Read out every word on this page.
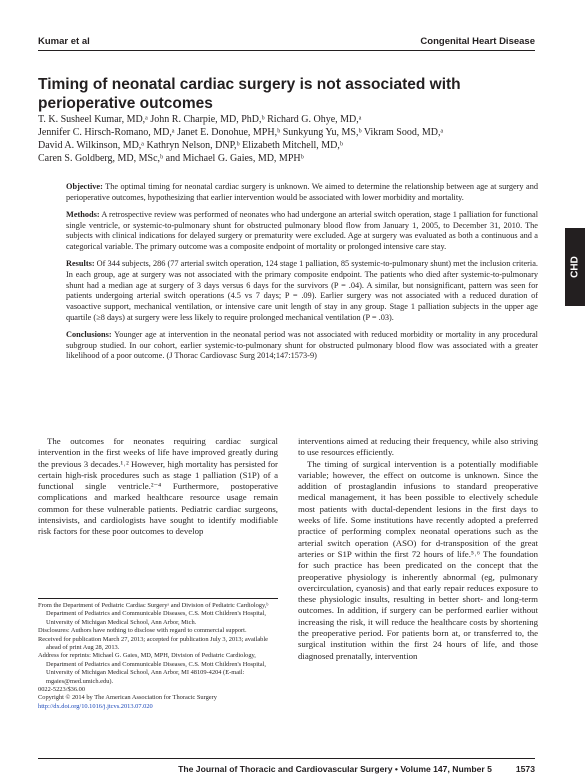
Kumar et al	Congenital Heart Disease
Timing of neonatal cardiac surgery is not associated with perioperative outcomes

T. K. Susheel Kumar, MD,ᵃ John R. Charpie, MD, PhD,ᵇ Richard G. Ohye, MD,ᵃ

Jennifer C. Hirsch-Romano, MD,ᵃ Janet E. Donohue, MPH,ᵇ Sunkyung Yu, MS,ᵇ Vikram Sood, MD,ᵃ

David A. Wilkinson, MD,ᵃ Kathryn Nelson, DNP,ᵇ Elizabeth Mitchell, MD,ᵇ

Caren S. Goldberg, MD, MSc,ᵇ and Michael G. Gaies, MD, MPHᵇ

Objective: The optimal timing for neonatal cardiac surgery is unknown. We aimed to determine the relationship between age at surgery and perioperative outcomes, hypothesizing that earlier intervention would be associated with lower morbidity and mortality.

Methods: A retrospective review was performed of neonates who had undergone an arterial switch operation, stage 1 palliation for functional single ventricle, or systemic-to-pulmonary shunt for obstructed pulmonary blood flow from January 1, 2005, to December 31, 2010. The subjects with clinical indications for delayed surgery or prematurity were excluded. Age at surgery was evaluated as both a continuous and a categorical variable. The primary outcome was a composite endpoint of mortality or prolonged intensive care stay.

Results: Of 344 subjects, 286 (77 arterial switch operation, 124 stage 1 palliation, 85 systemic-to-pulmonary shunt) met the inclusion criteria. In each group, age at surgery was not associated with the primary composite endpoint. The patients who died after systemic-to-pulmonary shunt had a median age at surgery of 3 days versus 6 days for the survivors (P = .04). A similar, but nonsignificant, pattern was seen for patients undergoing arterial switch operations (4.5 vs 7 days; P = .09). Earlier surgery was not associated with a reduced duration of vasoactive support, mechanical ventilation, or intensive care unit length of stay in any group. Stage 1 palliation subjects in the upper age quartile (≥8 days) at surgery were less likely to require prolonged mechanical ventilation (P = .03).

Conclusions: Younger age at intervention in the neonatal period was not associated with reduced morbidity or mortality in any procedural subgroup studied. In our cohort, earlier systemic-to-pulmonary shunt for obstructed pulmonary blood flow was associated with a greater likelihood of a poor outcome. (J Thorac Cardiovasc Surg 2014;147:1573-9)

CHD

The outcomes for neonates requiring cardiac surgical intervention in the first weeks of life have improved greatly during the previous 3 decades.¹˒² However, high mortality has persisted for certain high-risk procedures such as stage 1 palliation (S1P) of a functional single ventricle.²⁻⁴ Furthermore, postoperative complications and marked healthcare resource usage remain common for these vulnerable patients. Pediatric cardiac surgeons, intensivists, and cardiologists have sought to identify modifiable risk factors for these poor outcomes to develop

interventions aimed at reducing their frequency, while also striving to use resources efficiently.

The timing of surgical intervention is a potentially modifiable variable; however, the effect on outcome is unknown. Since the addition of prostaglandin infusions to standard preoperative medical management, it has been possible to electively schedule most patients with ductal-dependent lesions in the first days to weeks of life. Some institutions have recently adopted a preferred practice of performing complex neonatal operations such as the arterial switch operation (ASO) for d-transposition of the great arteries or S1P within the first 72 hours of life.⁵˒⁶ The foundation for such practice has been predicated on the concept that the preoperative physiology is inherently abnormal (eg, pulmonary overcirculation, cyanosis) and that early repair reduces exposure to these physiologic insults, resulting in better short- and long-term outcomes. In addition, if surgery can be performed earlier without increasing the risk, it will reduce the healthcare costs by shortening the preoperative period. For patients born at, or transferred to, the surgical institution within the first 24 hours of life, and those diagnosed prenatally, intervention

From the Department of Pediatric Cardiac Surgeryᵃ and Division of Pediatric Cardiology,ᵇ Department of Pediatrics and Communicable Diseases, C.S. Mott Children's Hospital, University of Michigan Medical School, Ann Arbor, Mich.

Disclosures: Authors have nothing to disclose with regard to commercial support.

Received for publication March 27, 2013; accepted for publication July 3, 2013; available ahead of print Aug 28, 2013.

Address for reprints: Michael G. Gaies, MD, MPH, Division of Pediatric Cardiology, Department of Pediatrics and Communicable Diseases, C.S. Mott Children's Hospital, University of Michigan Medical School, Ann Arbor, MI 48109-4204 (E-mail: mgaies@med.umich.edu).

0022-5223/$36.00

Copyright © 2014 by The American Association for Thoracic Surgery

http://dx.doi.org/10.1016/j.jtcvs.2013.07.020

The Journal of Thoracic and Cardiovascular Surgery • Volume 147, Number 5	1573
